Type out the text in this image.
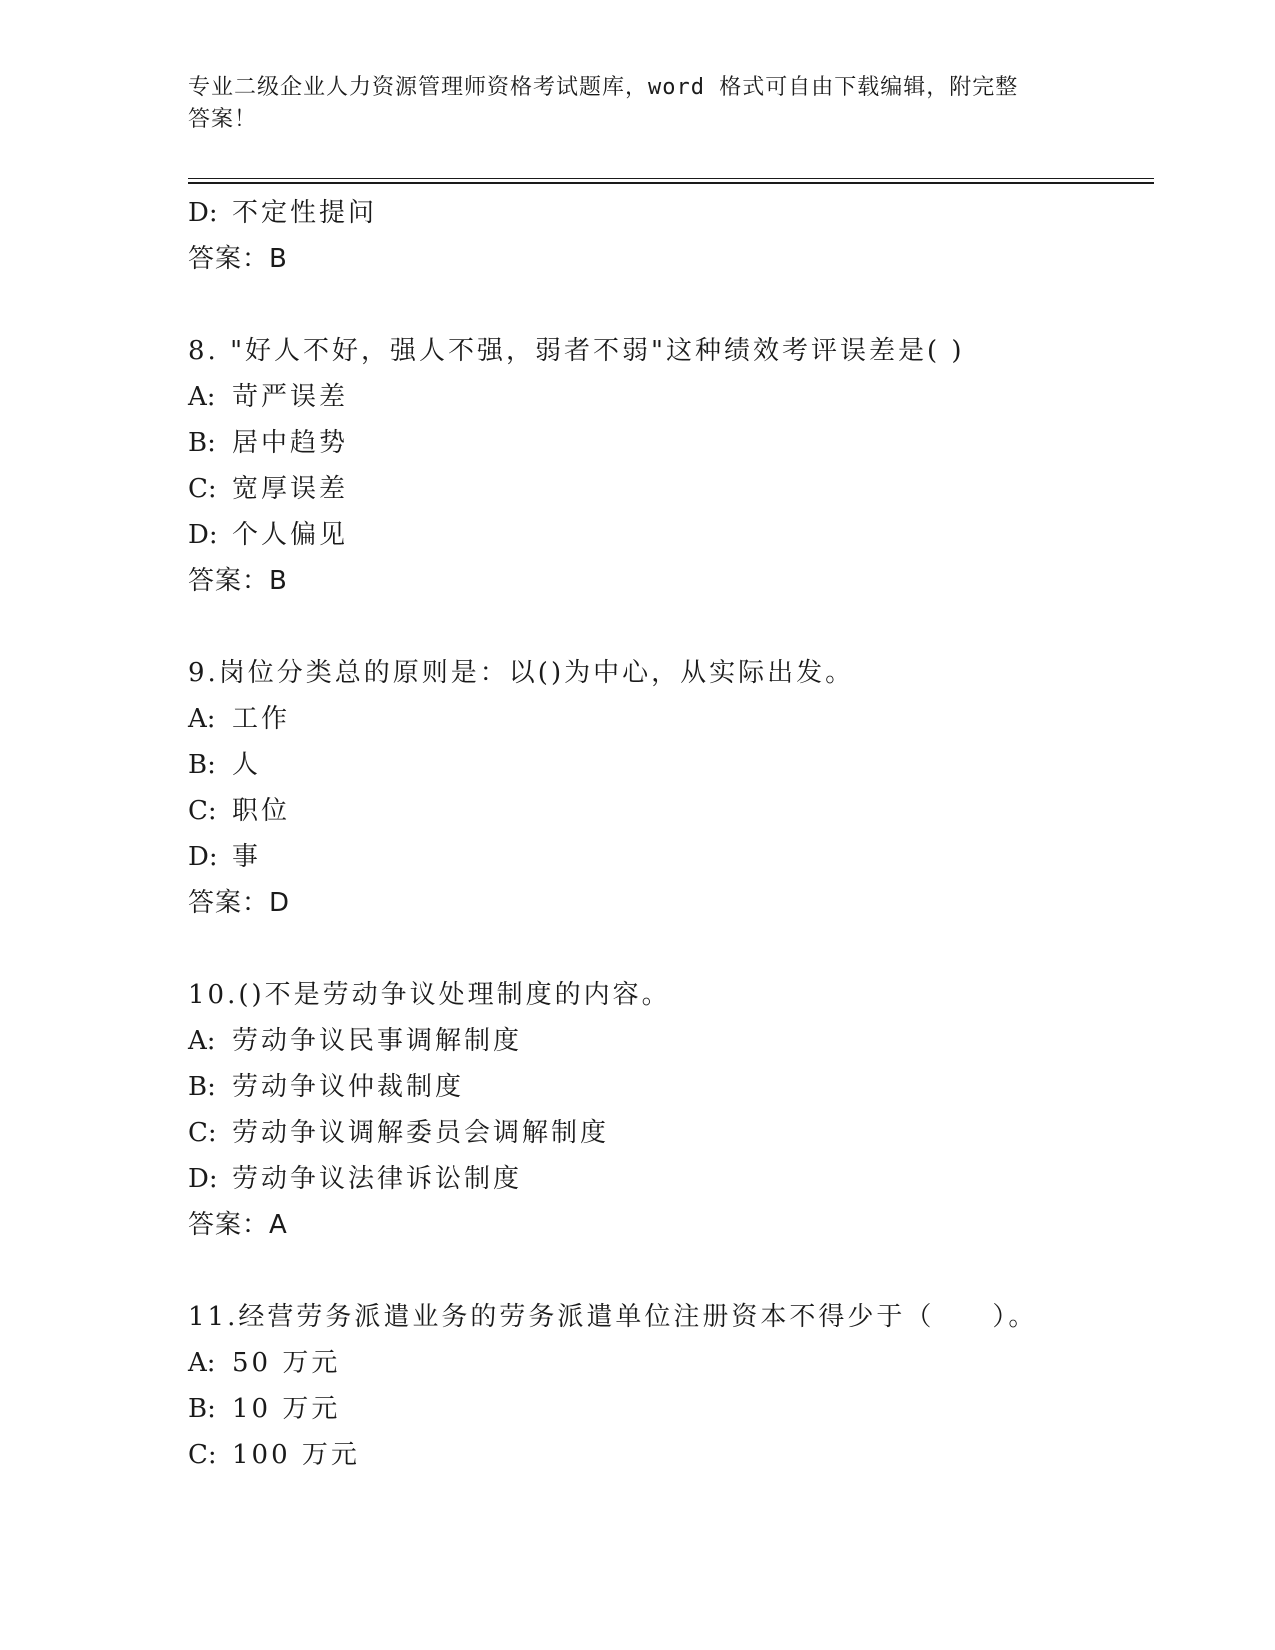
专业二级企业人力资源管理师资格考试题库，word 格式可自由下载编辑，附完整
答案！
D: 不定性提问
答案：B
8. "好人不好，强人不强，弱者不弱"这种绩效考评误差是( )
A: 苛严误差
B: 居中趋势
C: 宽厚误差
D: 个人偏见
答案：B
9.岗位分类总的原则是：以()为中心，从实际出发。
A: 工作
B: 人
C: 职位
D: 事
答案：D
10.()不是劳动争议处理制度的内容。
A: 劳动争议民事调解制度
B: 劳动争议仲裁制度
C: 劳动争议调解委员会调解制度
D: 劳动争议法律诉讼制度
答案：A
11.经营劳务派遣业务的劳务派遣单位注册资本不得少于（　　）。
A: 50 万元
B: 10 万元
C: 100 万元
